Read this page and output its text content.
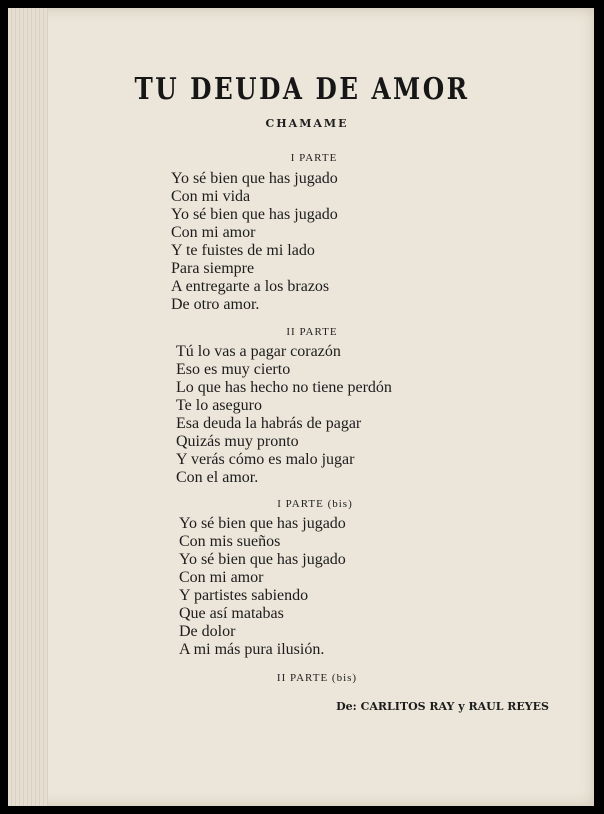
TU DEUDA DE AMOR
CHAMAME
I PARTE
Yo sé bien que has jugado
Con mi vida
Yo sé bien que has jugado
Con mi amor
Y te fuistes de mi lado
Para siempre
A entregarte a los brazos
De otro amor.
II PARTE
Tú lo vas a pagar corazón
Eso es muy cierto
Lo que has hecho no tiene perdón
Te lo aseguro
Esa deuda la habrás de pagar
Quizás muy pronto
Y verás cómo es malo jugar
Con el amor.
I PARTE (bis)
Yo sé bien que has jugado
Con mis sueños
Yo sé bien que has jugado
Con mi amor
Y partistes sabiendo
Que así matabas
De dolor
A mi más pura ilusión.
II PARTE (bis)
De: CARLITOS RAY y RAUL REYES
